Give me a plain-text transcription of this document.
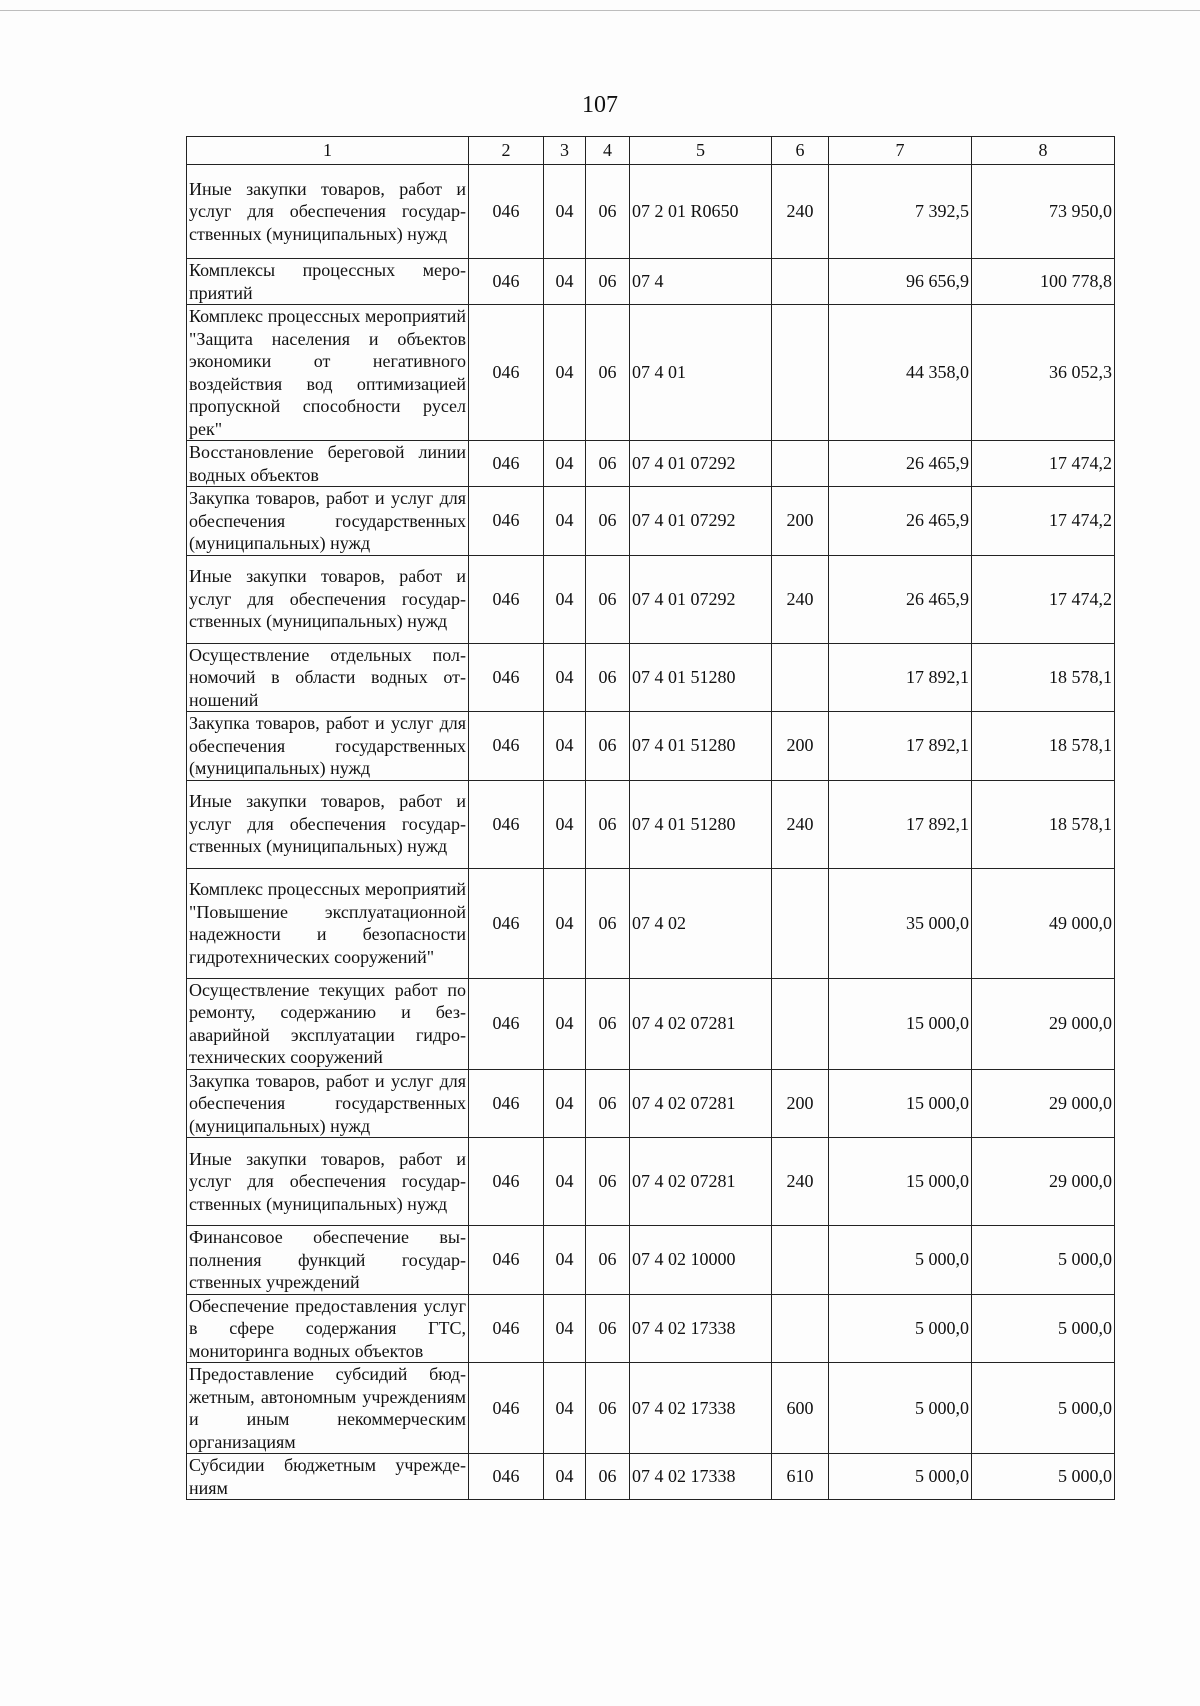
107
1	2	3	4	5	6	7	8
Иные закупки товаров, работ и услуг для обеспечения государственных (муниципальных) нужд	046	04	06	07 2 01 R0650	240	7 392,5	73 950,0
Комплексы процессных мероприятий	046	04	06	07 4		96 656,9	100 778,8
Комплекс процессных мероприятий "Защита населения и объектов экономики от негативного воздействия вод оптимизацией пропускной способности русел рек"	046	04	06	07 4 01		44 358,0	36 052,3
Восстановление береговой линии водных объектов	046	04	06	07 4 01 07292		26 465,9	17 474,2
Закупка товаров, работ и услуг для обеспечения государственных (муниципальных) нужд	046	04	06	07 4 01 07292	200	26 465,9	17 474,2
Иные закупки товаров, работ и услуг для обеспечения государственных (муниципальных) нужд	046	04	06	07 4 01 07292	240	26 465,9	17 474,2
Осуществление отдельных полномочий в области водных отношений	046	04	06	07 4 01 51280		17 892,1	18 578,1
Закупка товаров, работ и услуг для обеспечения государственных (муниципальных) нужд	046	04	06	07 4 01 51280	200	17 892,1	18 578,1
Иные закупки товаров, работ и услуг для обеспечения государственных (муниципальных) нужд	046	04	06	07 4 01 51280	240	17 892,1	18 578,1
Комплекс процессных мероприятий "Повышение эксплуатационной надежности и безопасности гидротехнических сооружений"	046	04	06	07 4 02		35 000,0	49 000,0
Осуществление текущих работ по ремонту, содержанию и безаварийной эксплуатации гидротехнических сооружений	046	04	06	07 4 02 07281		15 000,0	29 000,0
Закупка товаров, работ и услуг для обеспечения государственных (муниципальных) нужд	046	04	06	07 4 02 07281	200	15 000,0	29 000,0
Иные закупки товаров, работ и услуг для обеспечения государственных (муниципальных) нужд	046	04	06	07 4 02 07281	240	15 000,0	29 000,0
Финансовое обеспечение выполнения функций государственных учреждений	046	04	06	07 4 02 10000		5 000,0	5 000,0
Обеспечение предоставления услуг в сфере содержания ГТС, мониторинга водных объектов	046	04	06	07 4 02 17338		5 000,0	5 000,0
Предоставление субсидий бюджетным, автономным учреждениям и иным некоммерческим организациям	046	04	06	07 4 02 17338	600	5 000,0	5 000,0
Субсидии бюджетным учреждениям	046	04	06	07 4 02 17338	610	5 000,0	5 000,0
